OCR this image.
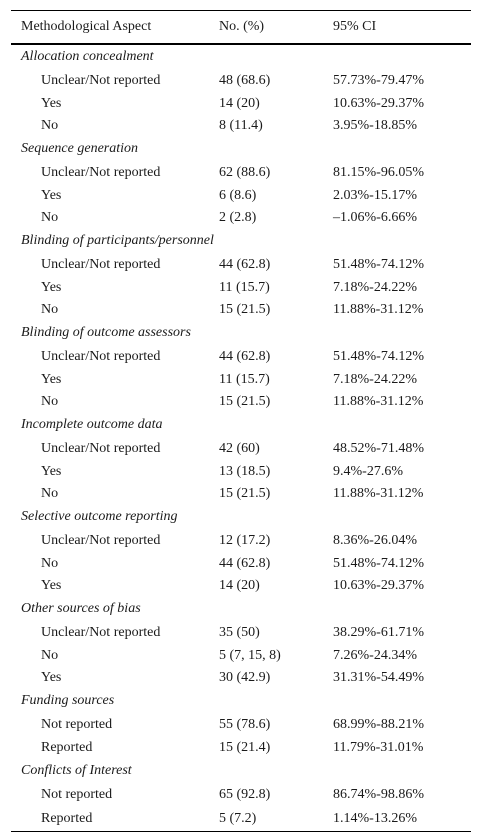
Methodological Aspect	No. (%)	95% CI
Allocation concealment		
Unclear/Not reported	48 (68.6)	57.73%-79.47%
Yes	14 (20)	10.63%-29.37%
No	8 (11.4)	3.95%-18.85%
Sequence generation		
Unclear/Not reported	62 (88.6)	81.15%-96.05%
Yes	6 (8.6)	2.03%-15.17%
No	2 (2.8)	–1.06%-6.66%
Blinding of participants/personnel		
Unclear/Not reported	44 (62.8)	51.48%-74.12%
Yes	11 (15.7)	7.18%-24.22%
No	15 (21.5)	11.88%-31.12%
Blinding of outcome assessors		
Unclear/Not reported	44 (62.8)	51.48%-74.12%
Yes	11 (15.7)	7.18%-24.22%
No	15 (21.5)	11.88%-31.12%
Incomplete outcome data		
Unclear/Not reported	42 (60)	48.52%-71.48%
Yes	13 (18.5)	9.4%-27.6%
No	15 (21.5)	11.88%-31.12%
Selective outcome reporting		
Unclear/Not reported	12 (17.2)	8.36%-26.04%
No	44 (62.8)	51.48%-74.12%
Yes	14 (20)	10.63%-29.37%
Other sources of bias		
Unclear/Not reported	35 (50)	38.29%-61.71%
No	5 (7, 15, 8)	7.26%-24.34%
Yes	30 (42.9)	31.31%-54.49%
Funding sources		
Not reported	55 (78.6)	68.99%-88.21%
Reported	15 (21.4)	11.79%-31.01%
Conflicts of Interest		
Not reported	65 (92.8)	86.74%-98.86%
Reported	5 (7.2)	1.14%-13.26%
